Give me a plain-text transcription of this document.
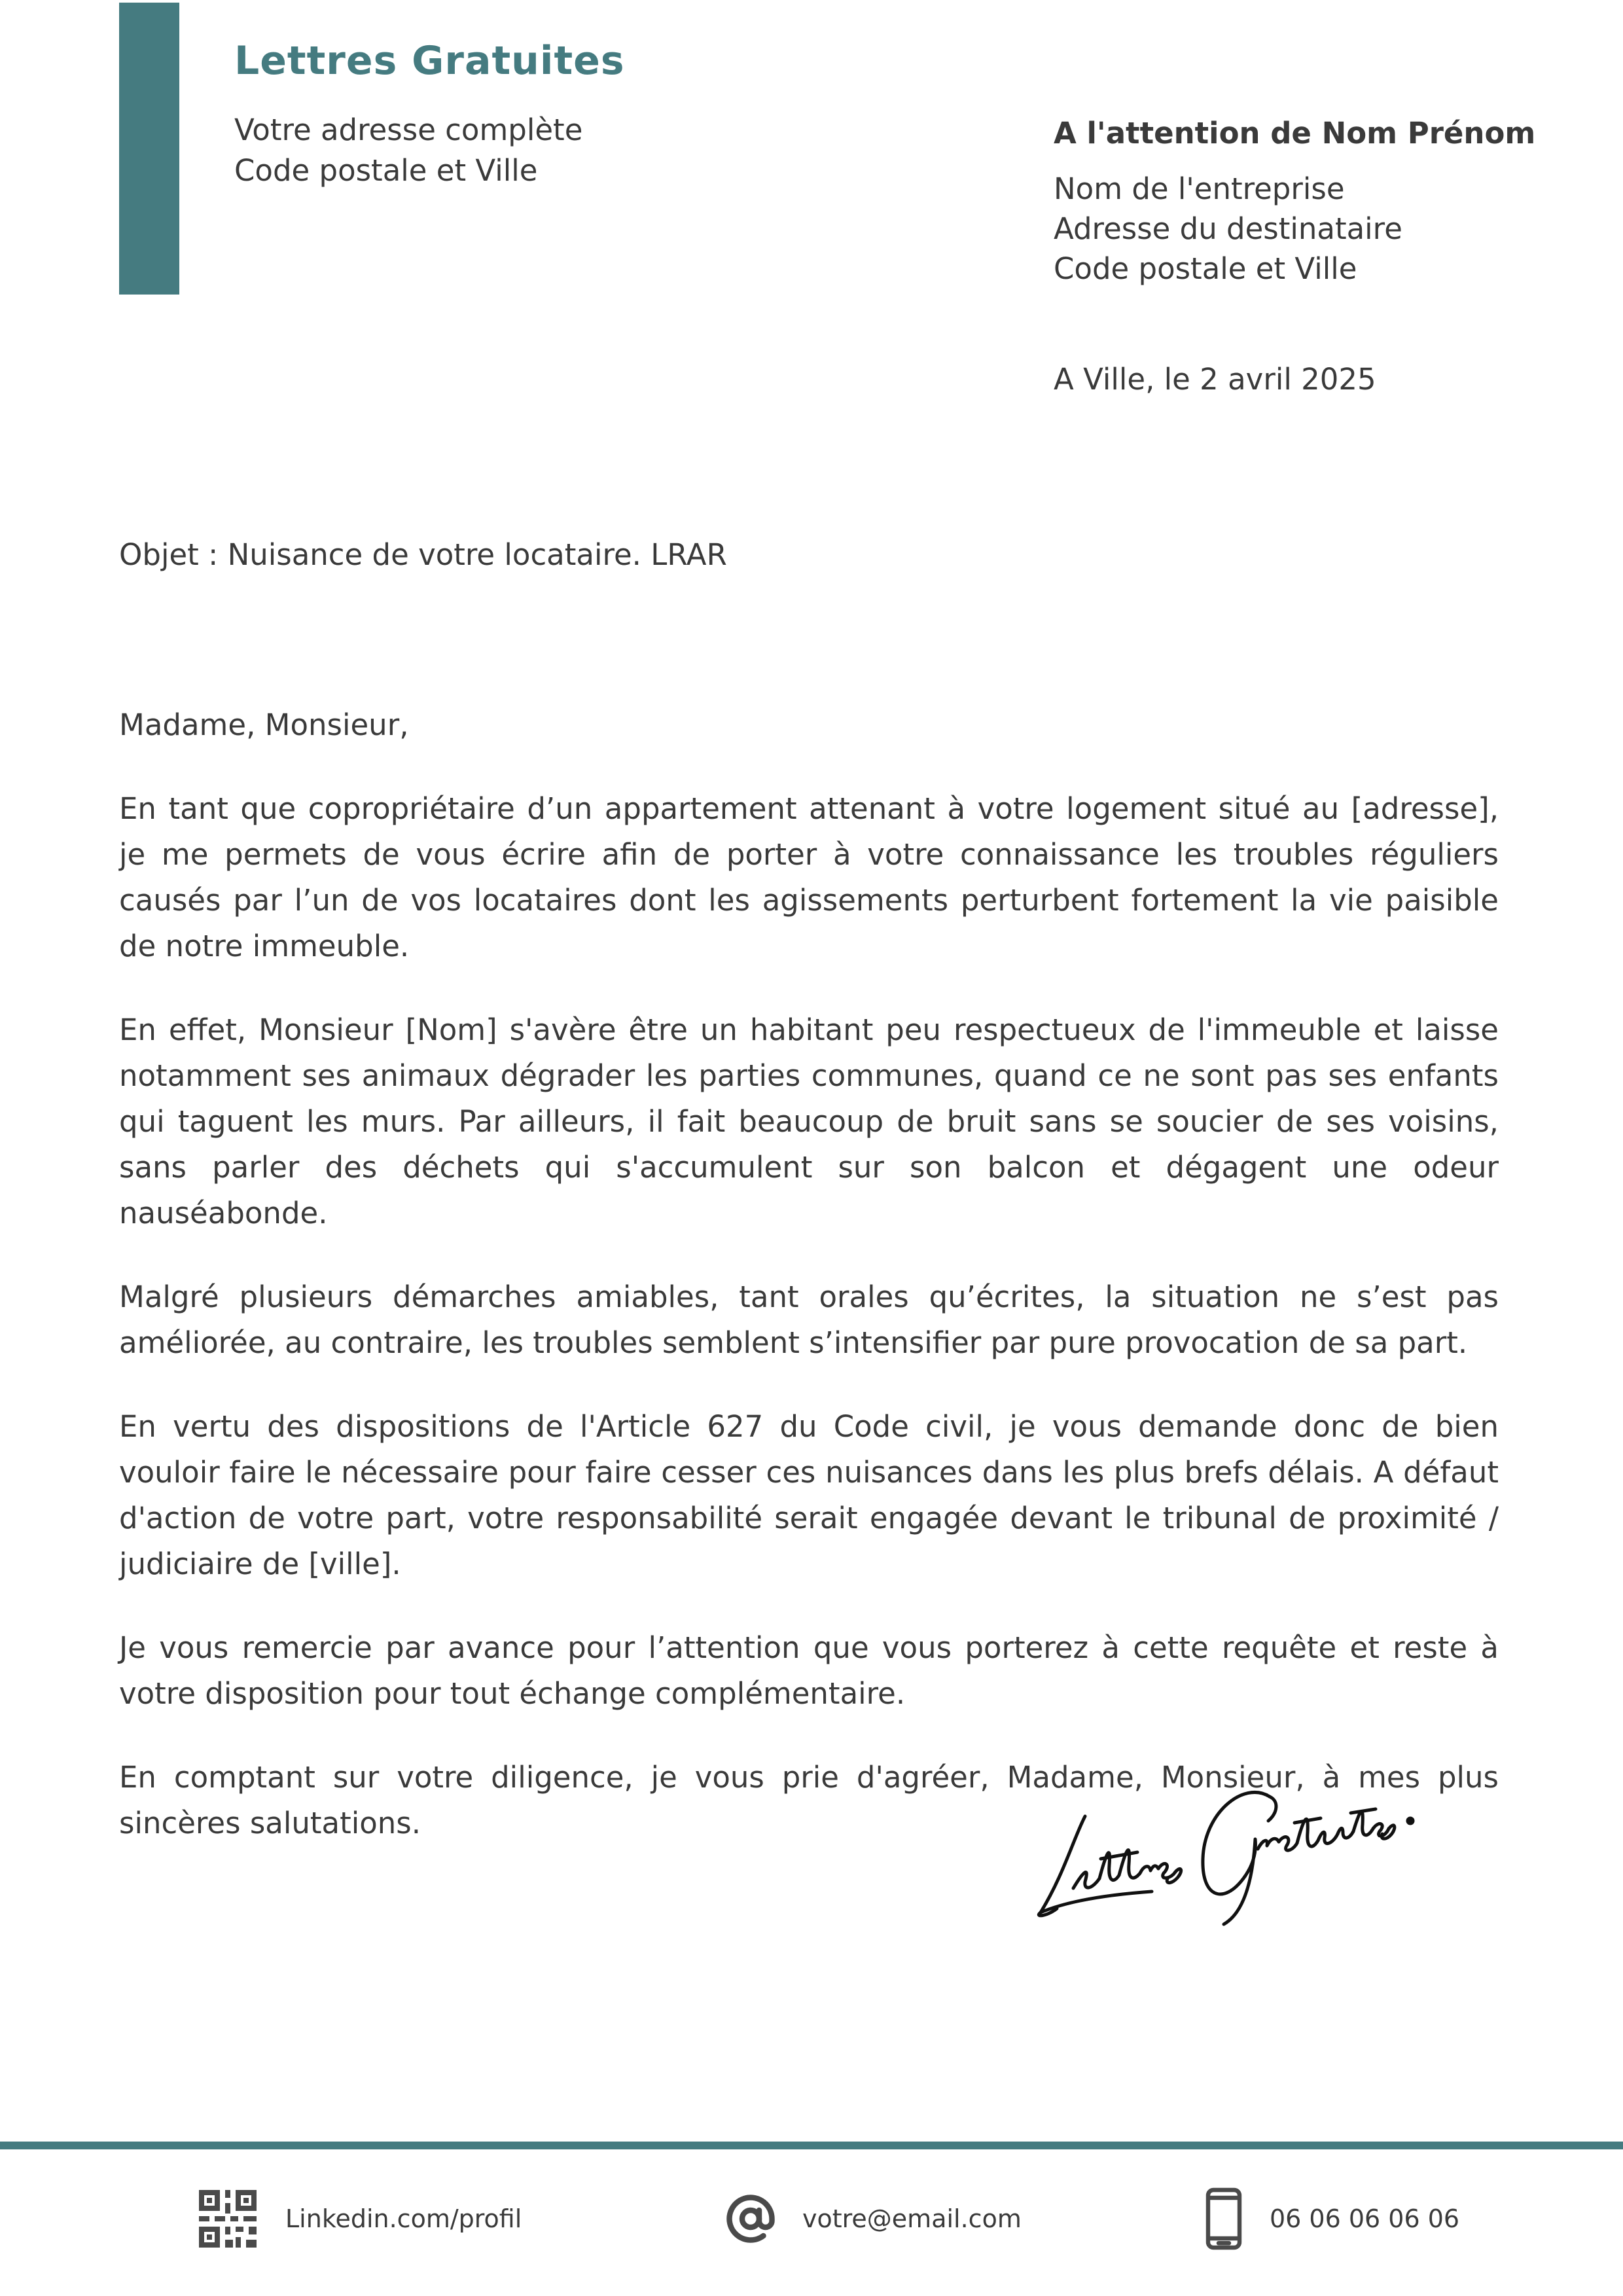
Lettres Gratuites
Votre adresse complète
Code postale et Ville
A l'attention de Nom Prénom
Nom de l'entreprise
Adresse du destinataire
Code postale et Ville
A Ville, le 2 avril 2025
Objet : Nuisance de votre locataire. LRAR

Madame, Monsieur,

En tant que copropriétaire d’un appartement attenant à votre logement situé au [adresse], je me permets de vous écrire afin de porter à votre connaissance les troubles réguliers causés par l’un de vos locataires dont les agissements perturbent fortement la vie paisible de notre immeuble.

En effet, Monsieur [Nom] s'avère être un habitant peu respectueux de l'immeuble et laisse notamment ses animaux dégrader les parties communes, quand ce ne sont pas ses enfants qui taguent les murs. Par ailleurs, il fait beaucoup de bruit sans se soucier de ses voisins, sans parler des déchets qui s'accumulent sur son balcon et dégagent une odeur nauséabonde.

Malgré plusieurs démarches amiables, tant orales qu’écrites, la situation ne s’est pas améliorée, au contraire, les troubles semblent s’intensifier par pure provocation de sa part.

En vertu des dispositions de l'Article 627 du Code civil, je vous demande donc de bien vouloir faire le nécessaire pour faire cesser ces nuisances dans les plus brefs délais. A défaut d'action de votre part, votre responsabilité serait engagée devant le tribunal de proximité / judiciaire de [ville].

Je vous remercie par avance pour l’attention que vous porterez à cette requête et reste à votre disposition pour tout échange complémentaire.

En comptant sur votre diligence, je vous prie d'agréer, Madame, Monsieur, à mes plus sincères salutations.

Linkedin.com/profil	votre@email.com	06 06 06 06 06
